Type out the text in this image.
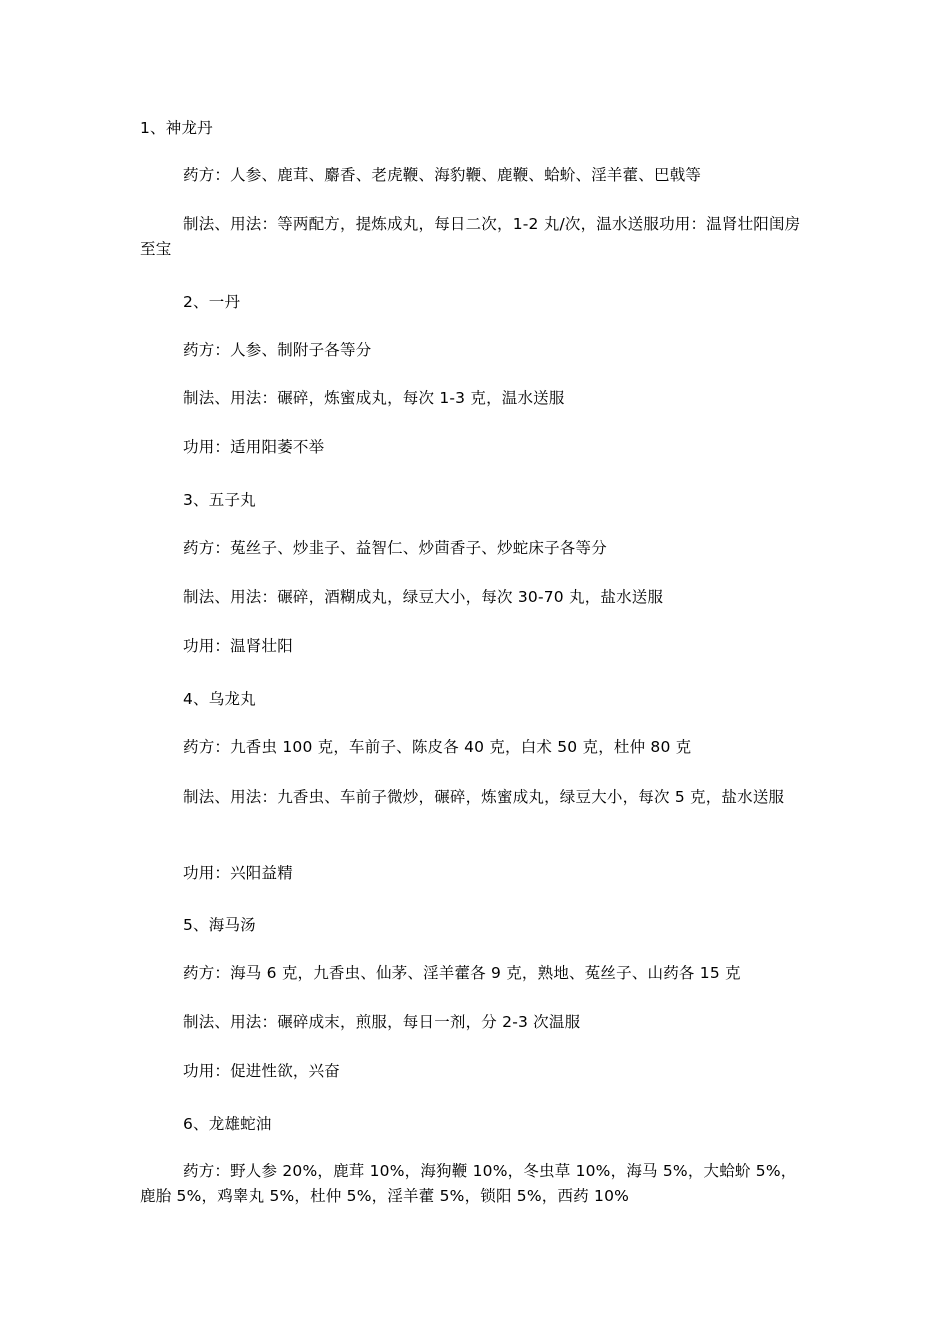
1、神龙丹
药方：人参、鹿茸、麝香、老虎鞭、海豹鞭、鹿鞭、蛤蚧、淫羊藿、巴戟等
制法、用法：等两配方，提炼成丸，每日二次，1-2 丸/次，温水送服功用：温肾壮阳闺房至宝
2、一丹
药方：人参、制附子各等分
制法、用法：碾碎，炼蜜成丸，每次 1-3 克，温水送服
功用：适用阳萎不举
3、五子丸
药方：菟丝子、炒韭子、益智仁、炒茴香子、炒蛇床子各等分
制法、用法：碾碎，酒糊成丸，绿豆大小，每次 30-70 丸，盐水送服
功用：温肾壮阳
4、乌龙丸
药方：九香虫 100 克，车前子、陈皮各 40 克，白术 50 克，杜仲 80 克
制法、用法：九香虫、车前子微炒，碾碎，炼蜜成丸，绿豆大小，每次 5 克，盐水送服
功用：兴阳益精
5、海马汤
药方：海马 6 克，九香虫、仙茅、淫羊藿各 9 克，熟地、菟丝子、山药各 15 克
制法、用法：碾碎成末，煎服，每日一剂，分 2-3 次温服
功用：促进性欲，兴奋
6、龙雄蛇油
药方：野人参 20%，鹿茸 10%，海狗鞭 10%，冬虫草 10%，海马 5%，大蛤蚧 5%，鹿胎 5%，鸡睾丸 5%，杜仲 5%，淫羊藿 5%，锁阳 5%，西药 10%
